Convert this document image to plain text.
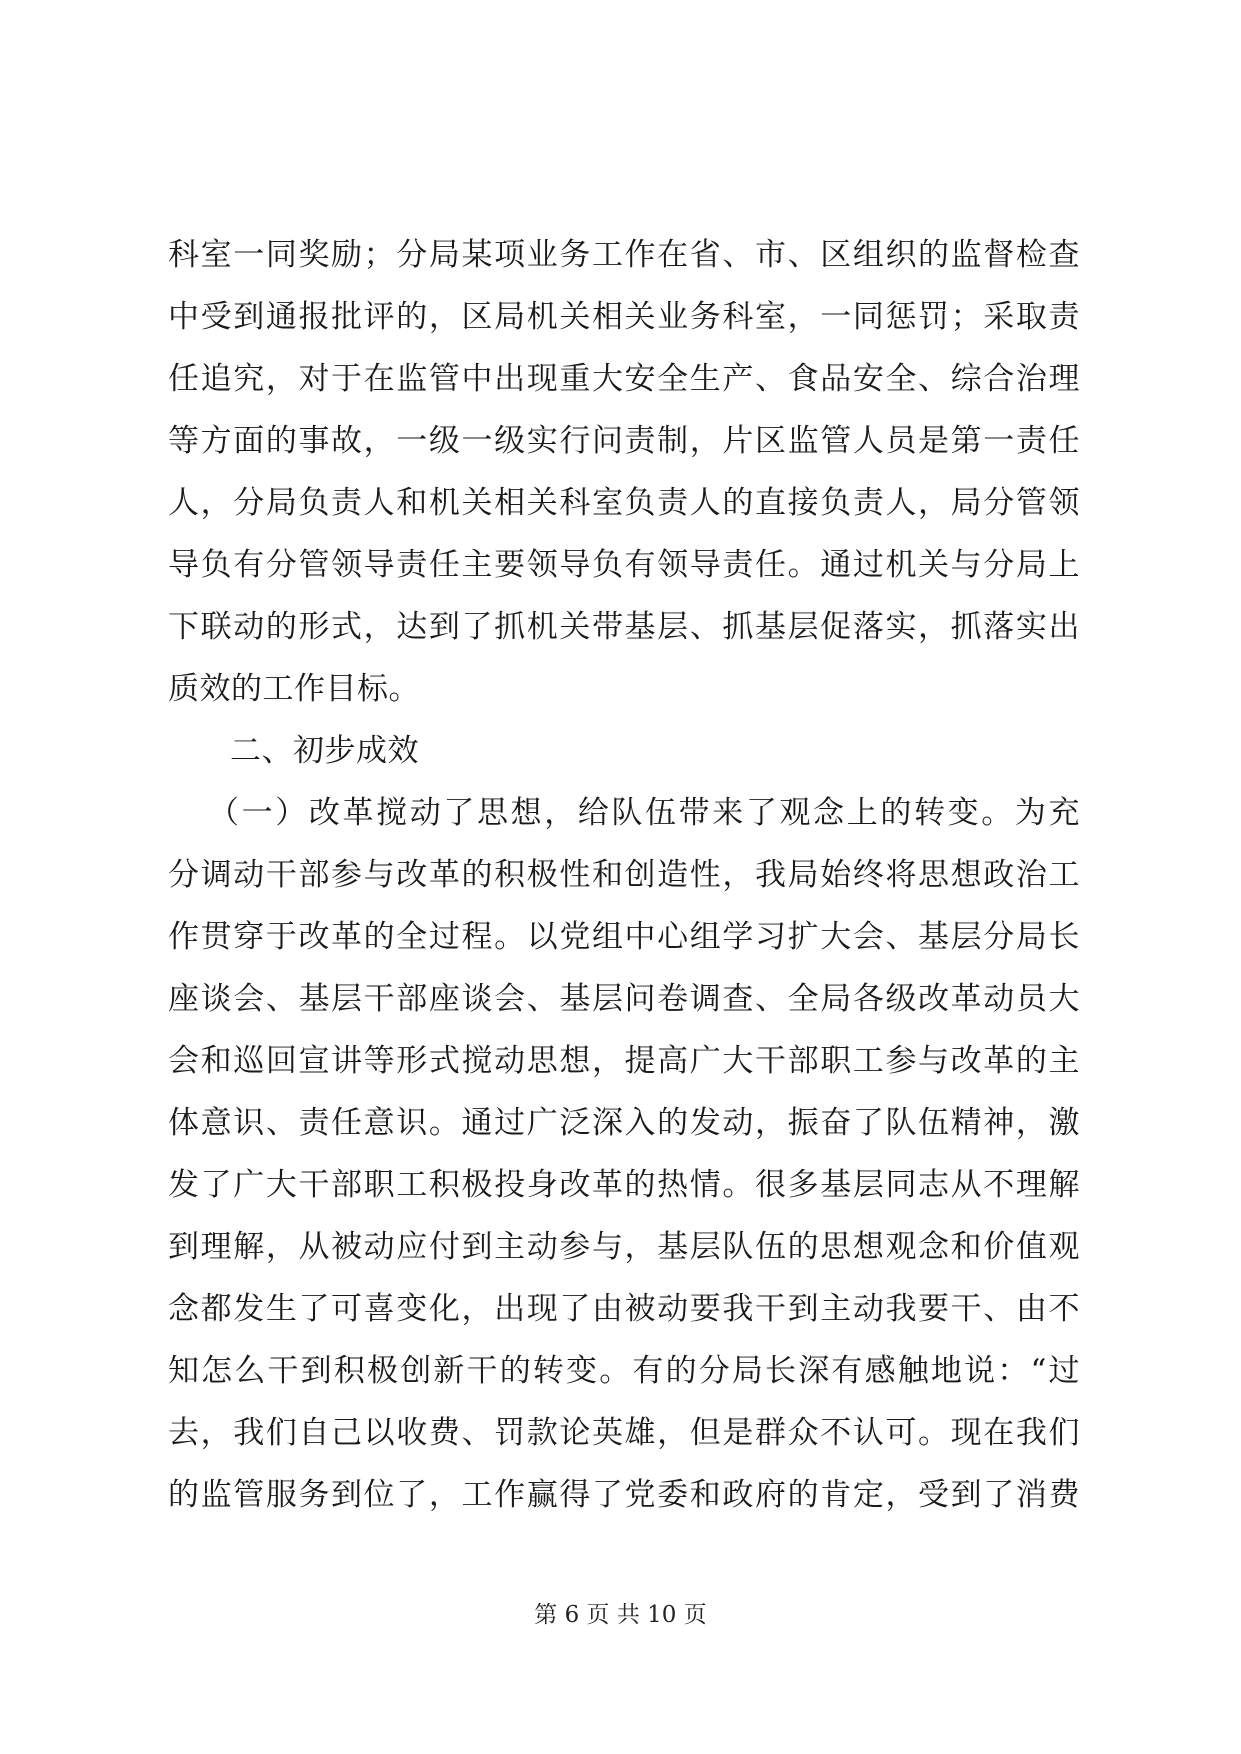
科室一同奖励；分局某项业务工作在省、市、区组织的监督检查
中受到通报批评的，区局机关相关业务科室，一同惩罚；采取责
任追究，对于在监管中出现重大安全生产、食品安全、综合治理
等方面的事故，一级一级实行问责制，片区监管人员是第一责任
人，分局负责人和机关相关科室负责人的直接负责人，局分管领
导负有分管领导责任主要领导负有领导责任。通过机关与分局上
下联动的形式，达到了抓机关带基层、抓基层促落实，抓落实出
质效的工作目标。
二、初步成效
（一）改革搅动了思想，给队伍带来了观念上的转变。为充
分调动干部参与改革的积极性和创造性，我局始终将思想政治工
作贯穿于改革的全过程。以党组中心组学习扩大会、基层分局长
座谈会、基层干部座谈会、基层问卷调查、全局各级改革动员大
会和巡回宣讲等形式搅动思想，提高广大干部职工参与改革的主
体意识、责任意识。通过广泛深入的发动，振奋了队伍精神，激
发了广大干部职工积极投身改革的热情。很多基层同志从不理解
到理解，从被动应付到主动参与，基层队伍的思想观念和价值观
念都发生了可喜变化，出现了由被动要我干到主动我要干、由不
知怎么干到积极创新干的转变。有的分局长深有感触地说：“过
去，我们自己以收费、罚款论英雄，但是群众不认可。现在我们
的监管服务到位了，工作赢得了党委和政府的肯定，受到了消费
第 6 页 共 10 页
